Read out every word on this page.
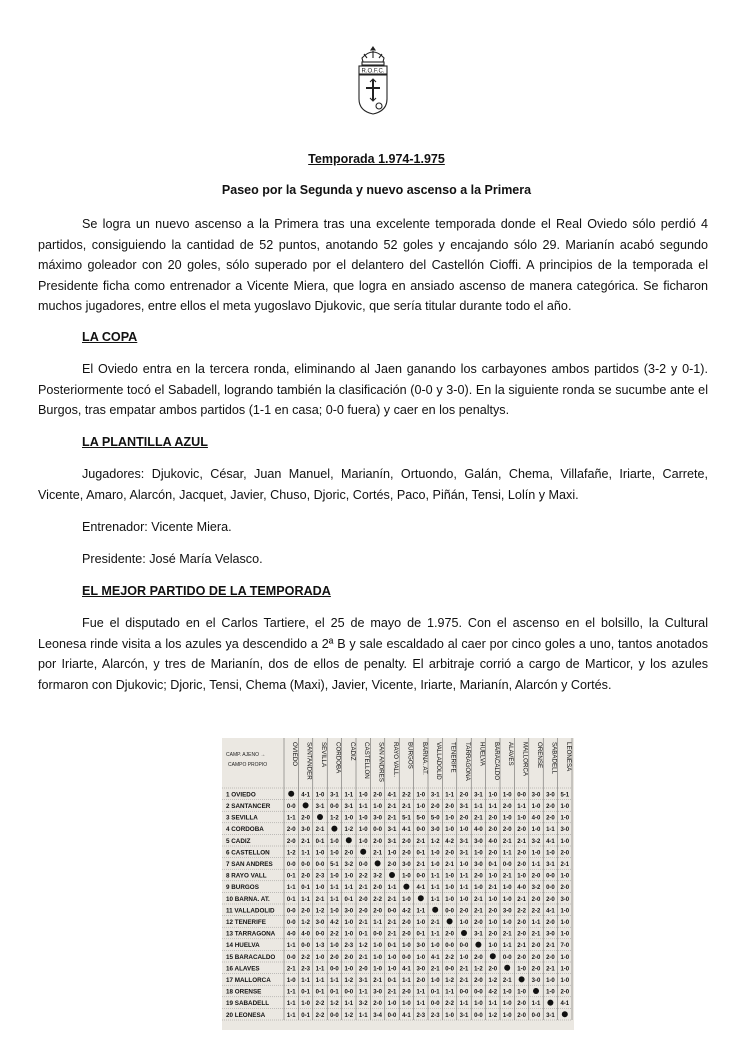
R.O.F.C.
Temporada 1.974-1.975
Paseo por la Segunda y nuevo ascenso a la Primera

Se logra un nuevo ascenso a la Primera tras una excelente temporada donde el Real Oviedo sólo perdió 4 partidos, consiguiendo la cantidad de 52 puntos, anotando 52 goles y encajando sólo 29. Marianín acabó segundo máximo goleador con 20 goles, sólo superado por el delantero del Castellón Cioffi. A principios de la temporada el Presidente ficha como entrenador a Vicente Miera, que logra en ansiado ascenso de manera categórica. Se ficharon muchos jugadores, entre ellos el meta yugoslavo Djukovic, que sería titular durante todo el año.

LA COPA

El Oviedo entra en la tercera ronda, eliminando al Jaen ganando los carbayones ambos partidos (3-2 y 0-1). Posteriormente tocó el Sabadell, logrando también la clasificación (0-0 y 3-0). En la siguiente ronda se sucumbe ante el Burgos, tras empatar ambos partidos (1-1 en casa; 0-0 fuera) y caer en los penaltys.

LA PLANTILLA AZUL

Jugadores: Djukovic, César, Juan Manuel, Marianín, Ortuondo, Galán, Chema, Villafañe, Iriarte, Carrete, Vicente, Amaro, Alarcón, Jacquet, Javier, Chuso, Djoric, Cortés, Paco, Piñán, Tensi, Lolín y Maxi.

Entrenador: Vicente Miera.

Presidente: José María Velasco.

EL MEJOR PARTIDO DE LA TEMPORADA

Fue el disputado en el Carlos Tartiere, el 25 de mayo de 1.975. Con el ascenso en el bolsillo, la Cultural Leonesa rinde visita a los azules ya descendido a 2ª B y sale escaldado al caer por cinco goles a uno, tantos anotados por Iriarte, Alarcón, y tres de Marianín, dos de ellos de penalty. El arbitraje corrió a cargo de Marticor, y los azules formaron con Djukovic; Djoric, Tensi, Chema (Maxi), Javier, Vicente, Iriarte, Marianín, Alarcón y Cortés.

CAMP. AJENO →
CAMPO PROPIO	OVIEDO SANTANDER SEVILLA CORDOBA CADIZ CASTELLON SAN ANDRES RAYO VALL. BURGOS BARNA. AT. VALLADOLID TENERIFE TARRAGONA HUELVA BARACALDO ALAVES MALLORCA ORENSE SABADELL LEONESA
1 OVIEDO	4-1 1-0 3-1 1-1 1-0 2-0 4-1 2-2 1-0 3-1 1-1 2-0 3-1 1-0 1-0 0-0 3-0 3-0 5-1
2 SANTANCER	0-0	3-1 0-0 3-1 1-1 1-0 2-1 2-1 1-0 2-0 2-0 3-1 1-1 1-1 2-0 1-1 1-0 2-0 1-0
3 SEVILLA	1-1 2-0	1-2 1-0 1-0 3-0 2-1 5-1 5-0 5-0 1-0 2-0 2-1 2-0 1-0 1-0 4-0 2-0 1-0
4 CORDOBA	2-0 3-0 2-1	1-2 1-0 0-0 3-1 4-1 0-0 3-0 1-0 1-0 4-0 2-0 2-0 2-0 1-0 1-1 3-0
5 CADIZ	2-0 2-1 0-1 1-0	1-0 2-0 3-1 2-0 2-1 1-2 4-2 3-1 3-0 4-0 2-1 2-1 3-2 4-1 1-0
6 CASTELLON	1-2 1-1 1-0 1-0 2-0	2-1 1-0 2-0 0-1 1-0 2-0 3-1 1-0 2-0 1-1 2-0 1-0 1-0 2-0
7 SAN ANDRES 0-0 0-0 0-0 5-1 3-2 0-0	2-0 3-0 2-1 1-0 2-1 1-0 3-0 0-1 0-0 2-0 1-1 3-1 2-1
8 RAYO VALL	0-1 2-0 2-3 1-0 1-0 2-2 3-2	1-0 0-0 1-1 1-0 1-1 2-0 1-0 2-1 1-0 2-0 0-0 1-0
9 BURGOS	1-1 0-1 1-0 1-1 1-1 2-1 2-0 1-1	4-1 1-1 1-0 1-1 1-0 2-1 1-0 4-0 3-2 0-0 2-0
10 BARNA. AT.	0-1 1-1 2-1 1-1 0-1 2-0 2-2 2-1 1-0	1-1 1-0 1-0 2-1 1-0 1-0 2-1 2-0 2-0 3-0
11 VALLADOLID 0-0 2-0 1-2 1-0 3-0 2-0 2-0 0-0 4-2 1-1	0-0 2-0 2-1 2-0 3-0 2-2 2-2 4-1 1-0
12 TENERIFE	0-0 1-2 3-0 4-2 1-0 2-1 1-1 2-1 2-0 1-0 2-1	1-0 2-0 1-0 1-0 2-0 1-1 2-0 1-0
13 TARRAGONA 4-0 4-0 0-0 2-2 1-0 0-1 0-0 2-1 2-0 0-1 1-1 2-0	3-1 2-0 2-1 2-0 2-1 3-0 1-0
14 HUELVA	1-1 0-0 1-3 1-0 2-3 1-2 1-0 0-1 1-0 3-0 1-0 0-0 0-0	1-0 1-1 2-1 2-0 2-1 7-0
15 BARACALDO 0-0 2-2 1-0 2-0 2-0 2-1 1-0 1-0 0-0 1-0 4-1 2-2 1-0 2-0	0-0 2-0 2-0 2-0 1-0
16 ALAVES	2-1 2-3 1-1 0-0 1-0 2-0 1-0 1-0 4-1 3-0 2-1 0-0 2-1 1-2 2-0	1-0 2-0 2-1 1-0
17 MALLORCA	1-0 1-1 1-1 1-1 1-2 3-1 2-1 0-1 1-1 2-0 1-0 1-2 2-1 2-0 1-2 2-1	3-0 1-0 1-0
18 ORENSE	1-1 0-1 0-1 0-1 0-0 1-1 3-0 2-1 2-0 1-1 0-1 1-1 0-0 0-0 4-2 1-0 1-0	1-0 2-0
19 SABADELL	1-1 1-0 2-2 1-2 1-1 3-2 2-0 1-0 1-0 1-1 0-0 2-2 1-1 1-0 1-1 1-0 2-0 1-1	4-1
20 LEONESA	1-1 0-1 2-2 0-0 1-2 1-1 3-4 0-0 4-1 2-3 2-3 1-0 3-1 0-0 1-2 1-0 2-0 0-0 3-1
